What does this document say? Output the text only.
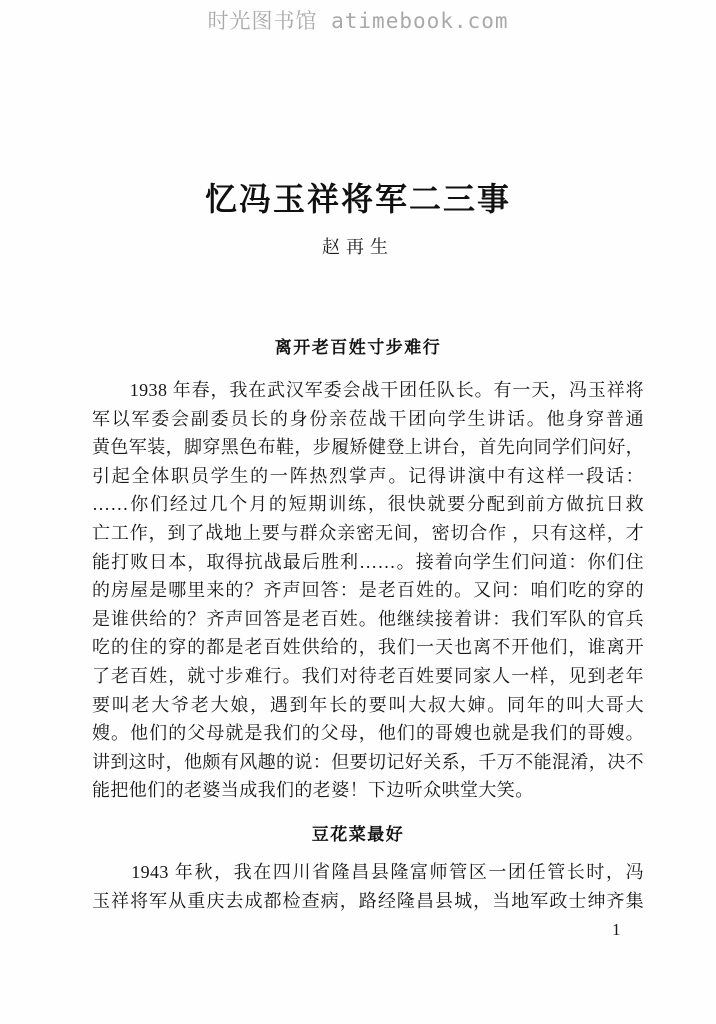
时光图书馆 atimebook.com
忆冯玉祥将军二三事
赵再生
离开老百姓寸步难行
　　1938 年春，我在武汉军委会战干团任队长。有一天，冯玉祥将
军以军委会副委员长的身份亲莅战干团向学生讲话。他身穿普通
黄色军装，脚穿黑色布鞋，步履矫健登上讲台，首先向同学们问好，
引起全体职员学生的一阵热烈掌声。记得讲演中有这样一段话：
……你们经过几个月的短期训练，很快就要分配到前方做抗日救
亡工作，到了战地上要与群众亲密无间，密切合作 ，只有这样，才
能打败日本，取得抗战最后胜利……。接着向学生们问道：你们住
的房屋是哪里来的？齐声回答：是老百姓的。又问：咱们吃的穿的
是谁供给的？齐声回答是老百姓。他继续接着讲：我们军队的官兵
吃的住的穿的都是老百姓供给的，我们一天也离不开他们，谁离开
了老百姓，就寸步难行。我们对待老百姓要同家人一样，见到老年
要叫老大爷老大娘，遇到年长的要叫大叔大婶。同年的叫大哥大
嫂。他们的父母就是我们的父母，他们的哥嫂也就是我们的哥嫂。
讲到这时，他颇有风趣的说：但要切记好关系，千万不能混淆，决不
能把他们的老婆当成我们的老婆！下边听众哄堂大笑。
豆花菜最好
　　1943 年秋，我在四川省隆昌县隆富师管区一团任管长时，冯
玉祥将军从重庆去成都检查病，路经隆昌县城，当地军政士绅齐集
1
